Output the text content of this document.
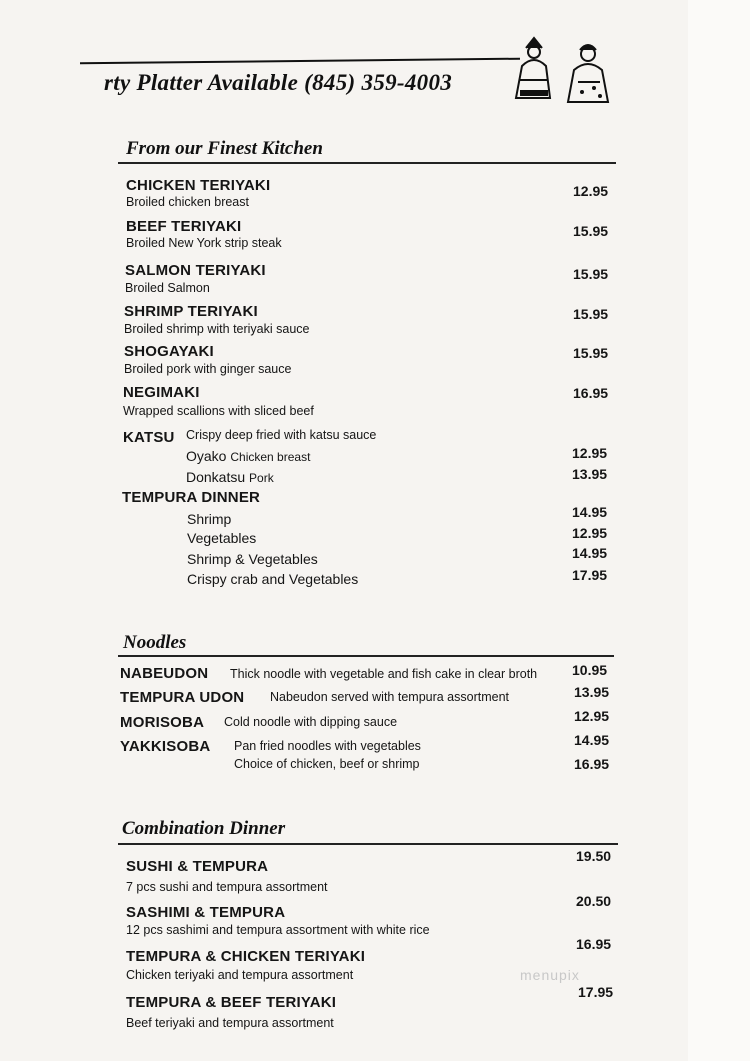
rty Platter Available (845) 359-4003
From our Finest Kitchen
CHICKEN TERIYAKI
Broiled chicken breast
12.95
BEEF TERIYAKI
Broiled New York strip steak
15.95
SALMON TERIYAKI
Broiled Salmon
15.95
SHRIMP TERIYAKI
Broiled shrimp with teriyaki sauce
15.95
SHOGAYAKI
Broiled pork with ginger sauce
15.95
NEGIMAKI
Wrapped scallions with sliced beef
16.95
KATSU Crispy deep fried with katsu sauce
Oyako Chicken breast	12.95
Donkatsu Pork	13.95
TEMPURA DINNER
Shrimp	14.95
Vegetables	12.95
Shrimp & Vegetables	14.95
Crispy crab and Vegetables	17.95
Noodles
NABEUDON Thick noodle with vegetable and fish cake in clear broth 10.95
TEMPURA UDON Nabeudon served with tempura assortment	13.95
MORISOBA Cold noodle with dipping sauce	12.95
YAKKISOBA Pan fried noodles with vegetables	14.95
Choice of chicken, beef or shrimp	16.95
Combination Dinner
SUSHI & TEMPURA
7 pcs sushi and tempura assortment
19.50
SASHIMI & TEMPURA
12 pcs sashimi and tempura assortment with white rice
20.50
TEMPURA & CHICKEN TERIYAKI
Chicken teriyaki and tempura assortment
16.95
TEMPURA & BEEF TERIYAKI
Beef teriyaki and tempura assortment
17.95
menupix
